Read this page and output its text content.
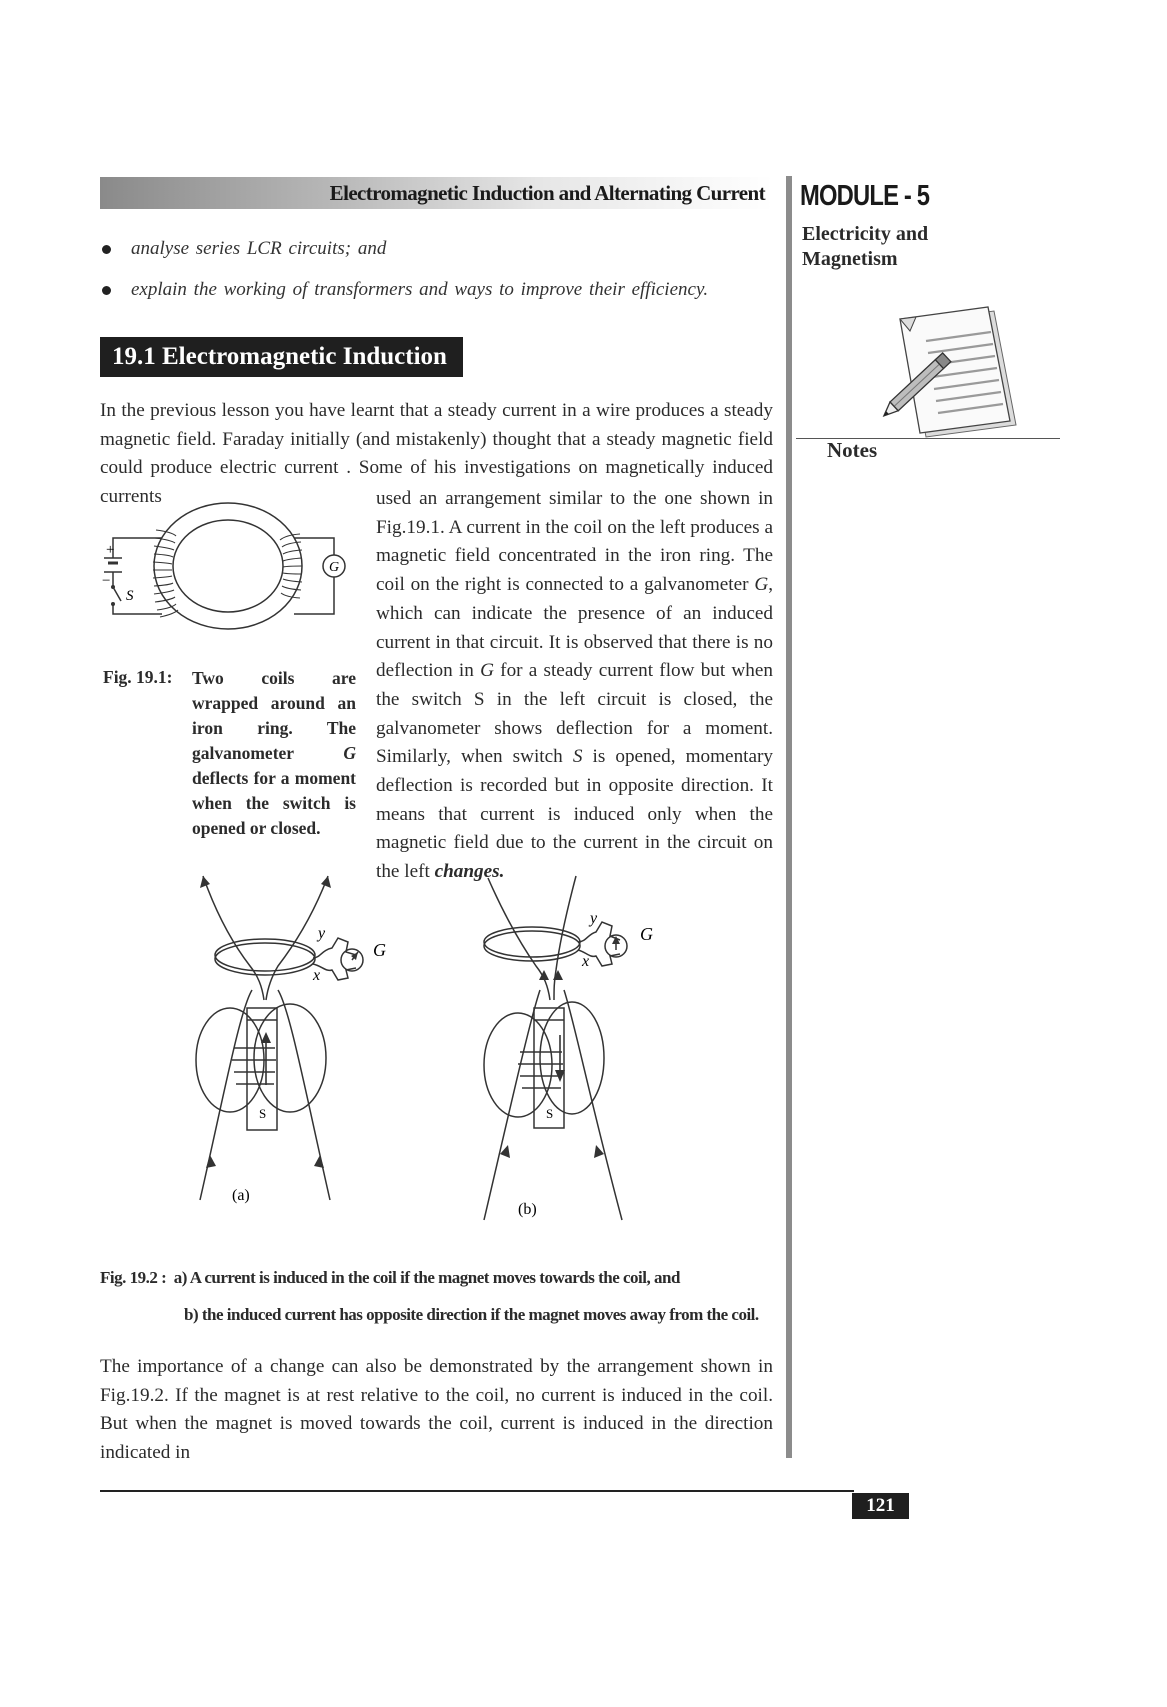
Electromagnetic Induction and Alternating Current MODULE - 5
Electricity and
Magnetism
Notes
analyse series LCR circuits; and
explain the working of transformers and ways to improve their efficiency.
19.1 Electromagnetic Induction
In the previous lesson you have learnt that a steady current in a wire produces a steady magnetic field. Faraday initially (and mistakenly) thought that a steady magnetic field could produce electric current . Some of his investigations on magnetically induced currents
+
−
S
G
Fig. 19.1: Two coils are wrapped around an iron ring. The galvanometer G deflects for a moment when the switch is opened or closed.
used an arrangement similar to the one shown in Fig.19.1. A current in the coil on the left produces a magnetic field concentrated in the iron ring. The coil on the right is connected to a galvanometer G, which can indicate the presence of an induced current in that circuit. It is observed that there is no deflection in G for a steady current flow but when the switch S in the left circuit is closed, the galvanometer shows deflection for a moment. Similarly, when switch S is opened, momentary deflection is recorded but in opposite direction. It means that current is induced only when the magnetic field due to the current in the circuit on the left changes.
S
y
x
G
(a)
S
y
x
G
(b)
Fig. 19.2 : a) A current is induced in the coil if the magnet moves towards the coil, and
b) the induced current has opposite direction if the magnet moves away from the coil.
The importance of a change can also be demonstrated by the arrangement shown in Fig.19.2. If the magnet is at rest relative to the coil, no current is induced in the coil. But when the magnet is moved towards the coil, current is induced in the direction indicated in
121
